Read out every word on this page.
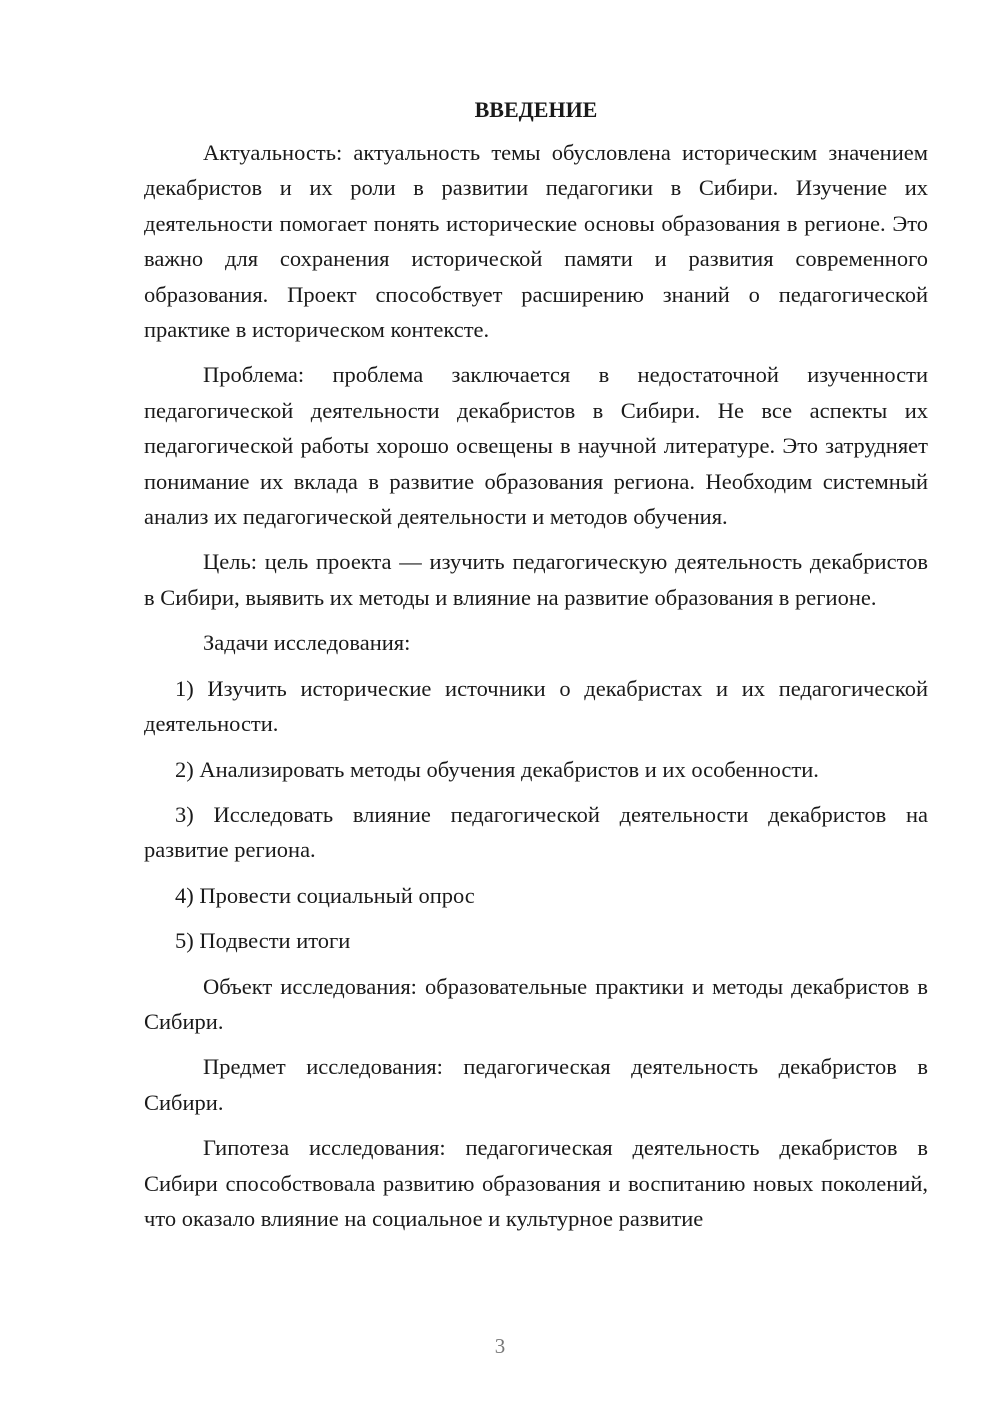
ВВЕДЕНИЕ

Актуальность: актуальность темы обусловлена историческим значением декабристов и их роли в развитии педагогики в Сибири. Изучение их деятельности помогает понять исторические основы образования в регионе. Это важно для сохранения исторической памяти и развития современного образования. Проект способствует расширению знаний о педагогической практике в историческом контексте.

Проблема: проблема заключается в недостаточной изученности педагогической деятельности декабристов в Сибири. Не все аспекты их педагогической работы хорошо освещены в научной литературе. Это затрудняет понимание их вклада в развитие образования региона. Необходим системный анализ их педагогической деятельности и методов обучения.

Цель: цель проекта — изучить педагогическую деятельность декабристов в Сибири, выявить их методы и влияние на развитие образования в регионе.

Задачи исследования:

1) Изучить исторические источники о декабристах и их педагогической деятельности.

2) Анализировать методы обучения декабристов и их особенности.

3) Исследовать влияние педагогической деятельности декабристов на развитие региона.

4) Провести социальный опрос

5) Подвести итоги

Объект исследования: образовательные практики и методы декабристов в Сибири.

Предмет исследования: педагогическая деятельность декабристов в Сибири.

Гипотеза исследования: педагогическая деятельность декабристов в Сибири способствовала развитию образования и воспитанию новых поколений, что оказало влияние на социальное и культурное развитие

3
